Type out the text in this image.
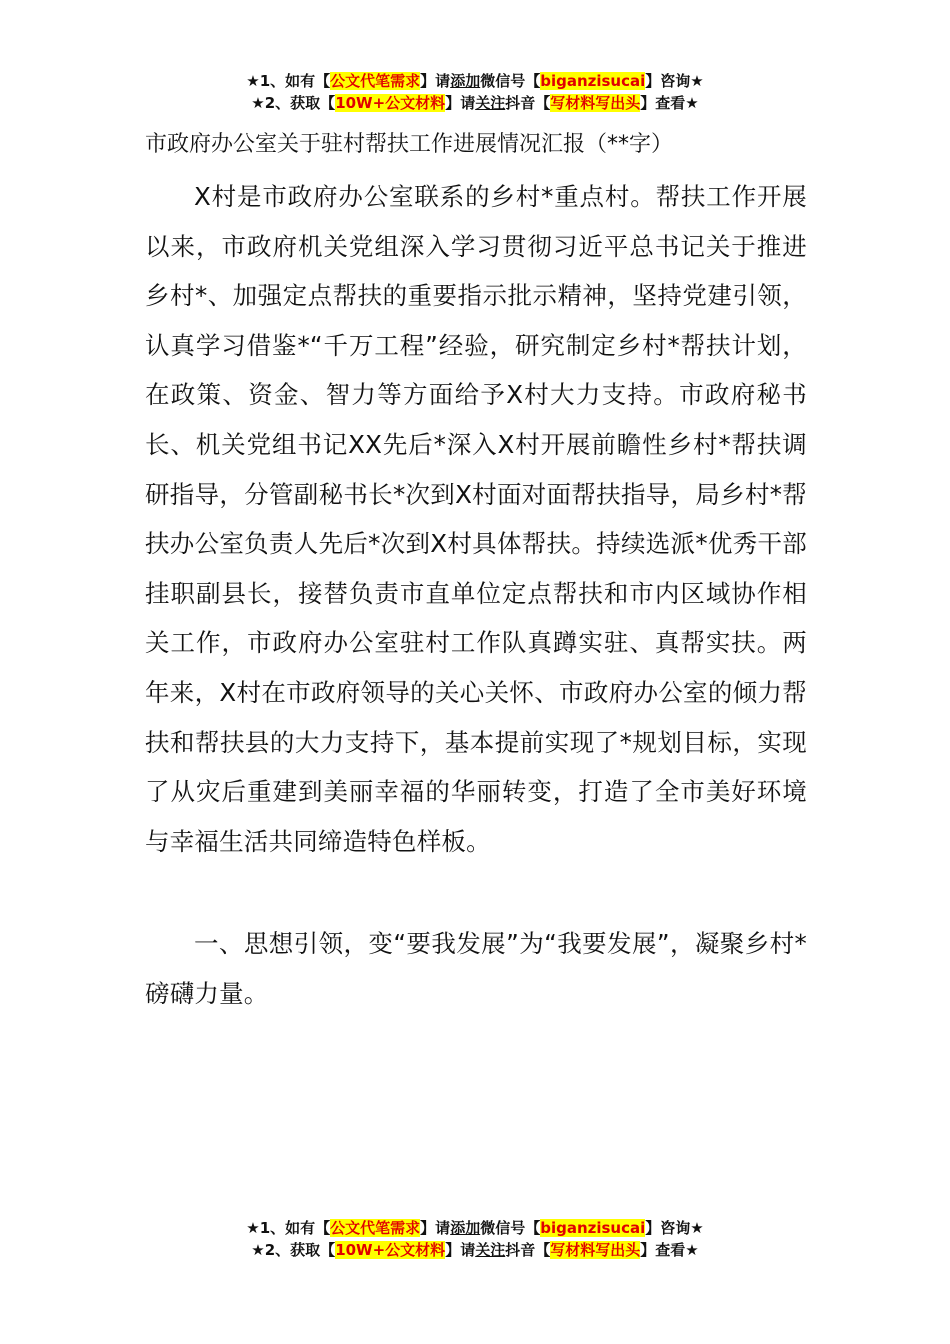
★1、如有【公文代笔需求】请添加微信号【biganzisucai】咨询★
★2、获取【10W+公文材料】请关注抖音【写材料写出头】查看★
市政府办公室关于驻村帮扶工作进展情况汇报（**字）

X村是市政府办公室联系的乡村*重点村。帮扶工作开展以来，市政府机关党组深入学习贯彻习近平总书记关于推进乡村*、加强定点帮扶的重要指示批示精神，坚持党建引领，认真学习借鉴*“千万工程”经验，研究制定乡村*帮扶计划，在政策、资金、智力等方面给予X村大力支持。市政府秘书长、机关党组书记XX先后*深入X村开展前瞻性乡村*帮扶调研指导，分管副秘书长*次到X村面对面帮扶指导，局乡村*帮扶办公室负责人先后*次到X村具体帮扶。持续选派*优秀干部挂职副县长，接替负责市直单位定点帮扶和市内区域协作相关工作，市政府办公室驻村工作队真蹲实驻、真帮实扶。两年来，X村在市政府领导的关心关怀、市政府办公室的倾力帮扶和帮扶县的大力支持下，基本提前实现了*规划目标，实现了从灾后重建到美丽幸福的华丽转变，打造了全市美好环境与幸福生活共同缔造特色样板。

一、思想引领，变“要我发展”为“我要发展”，凝聚乡村*磅礴力量。

★1、如有【公文代笔需求】请添加微信号【biganzisucai】咨询★
★2、获取【10W+公文材料】请关注抖音【写材料写出头】查看★
